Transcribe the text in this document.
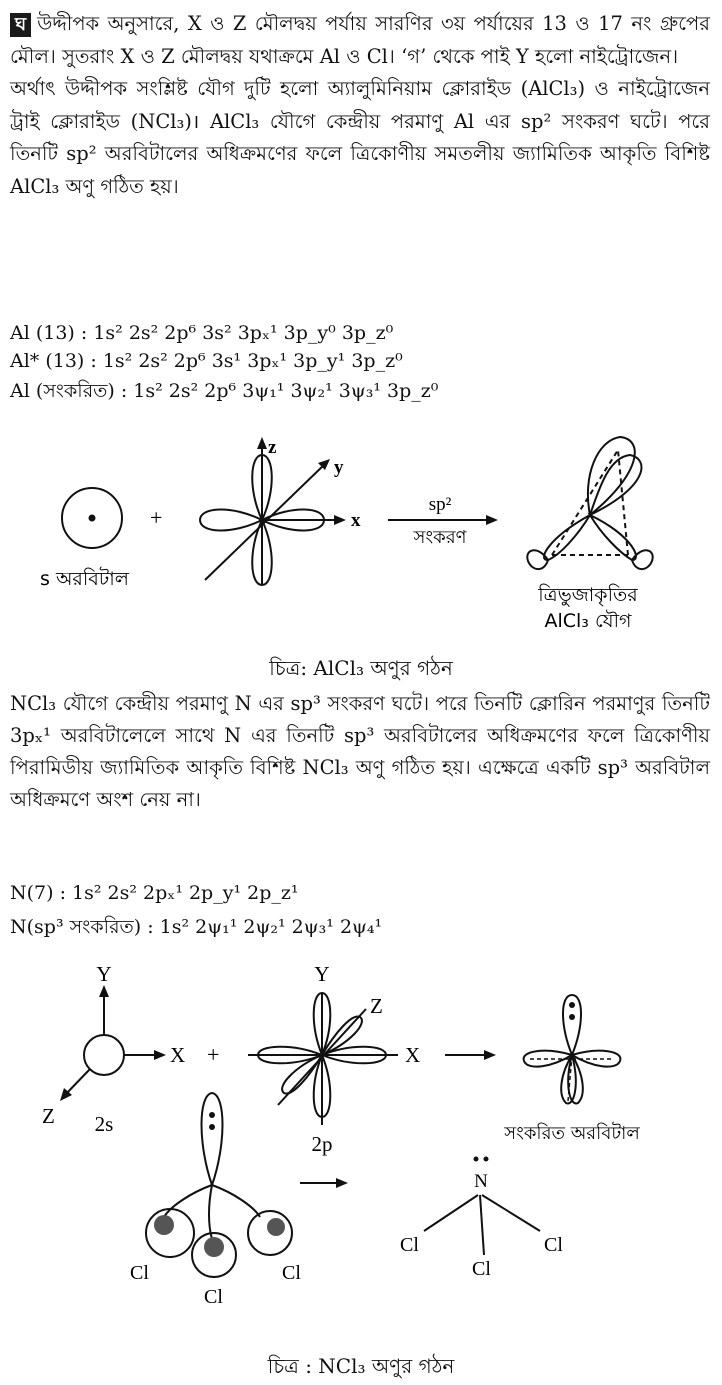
ঘ উদ্দীপক অনুসারে, X ও Z মৌলদ্বয় পর্যায় সারণির ৩য় পর্যায়ের 13 ও 17 নং গ্রুপের মৌল। সুতরাং X ও Z মৌলদ্বয় যথাক্রমে Al ও Cl। ‘গ’ থেকে পাই Y হলো নাইট্রোজেন।

অর্থাৎ উদ্দীপক সংশ্লিষ্ট যৌগ দুটি হলো অ্যালুমিনিয়াম ক্লোরাইড (AlCl₃) ও নাইট্রোজেন ট্রাই ক্লোরাইড (NCl₃)। AlCl₃ যৌগে কেন্দ্রীয় পরমাণু Al এর sp² সংকরণ ঘটে। পরে তিনটি sp² অরবিটালের অধিক্রমণের ফলে ত্রিকোণীয় সমতলীয় জ্যামিতিক আকৃতি বিশিষ্ট AlCl₃ অণু গঠিত হয়।

Al (13) : 1s² 2s² 2p⁶ 3s² 3pₓ¹ 3p_y⁰ 3p_z⁰
Al* (13) : 1s² 2s² 2p⁶ 3s¹ 3pₓ¹ 3p_y¹ 3p_z⁰
Al (সংকরিত) : 1s² 2s² 2p⁶ 3ψ₁¹ 3ψ₂¹ 3ψ₃¹ 3p_z⁰
s অরবিটাল
+
z
y
x
sp²
সংকরণ
ত্রিভুজাকৃতির
AlCl₃ যৌগ
চিত্র: AlCl₃ অণুর গঠন

NCl₃ যৌগে কেন্দ্রীয় পরমাণু N এর sp³ সংকরণ ঘটে। পরে তিনটি ক্লোরিন পরমাণুর তিনটি 3pₓ¹ অরবিটালেলে সাথে N এর তিনটি sp³ অরবিটালের অধিক্রমণের ফলে ত্রিকোণীয় পিরামিডীয় জ্যামিতিক আকৃতি বিশিষ্ট NCl₃ অণু গঠিত হয়। এক্ষেত্রে একটি sp³ অরবিটাল অধিক্রমণে অংশ নেয় না।

N(7) : 1s² 2s² 2pₓ¹ 2p_y¹ 2p_z¹
N(sp³ সংকরিত) : 1s² 2ψ₁¹ 2ψ₂¹ 2ψ₃¹ 2ψ₄¹
Y
X
Z 2s
+
Y
Z
X
2p	সংকরিত অরবিটাল
Cl	Cl
Cl
N
Cl	Cl
Cl
চিত্র : NCl₃ অণুর গঠন
